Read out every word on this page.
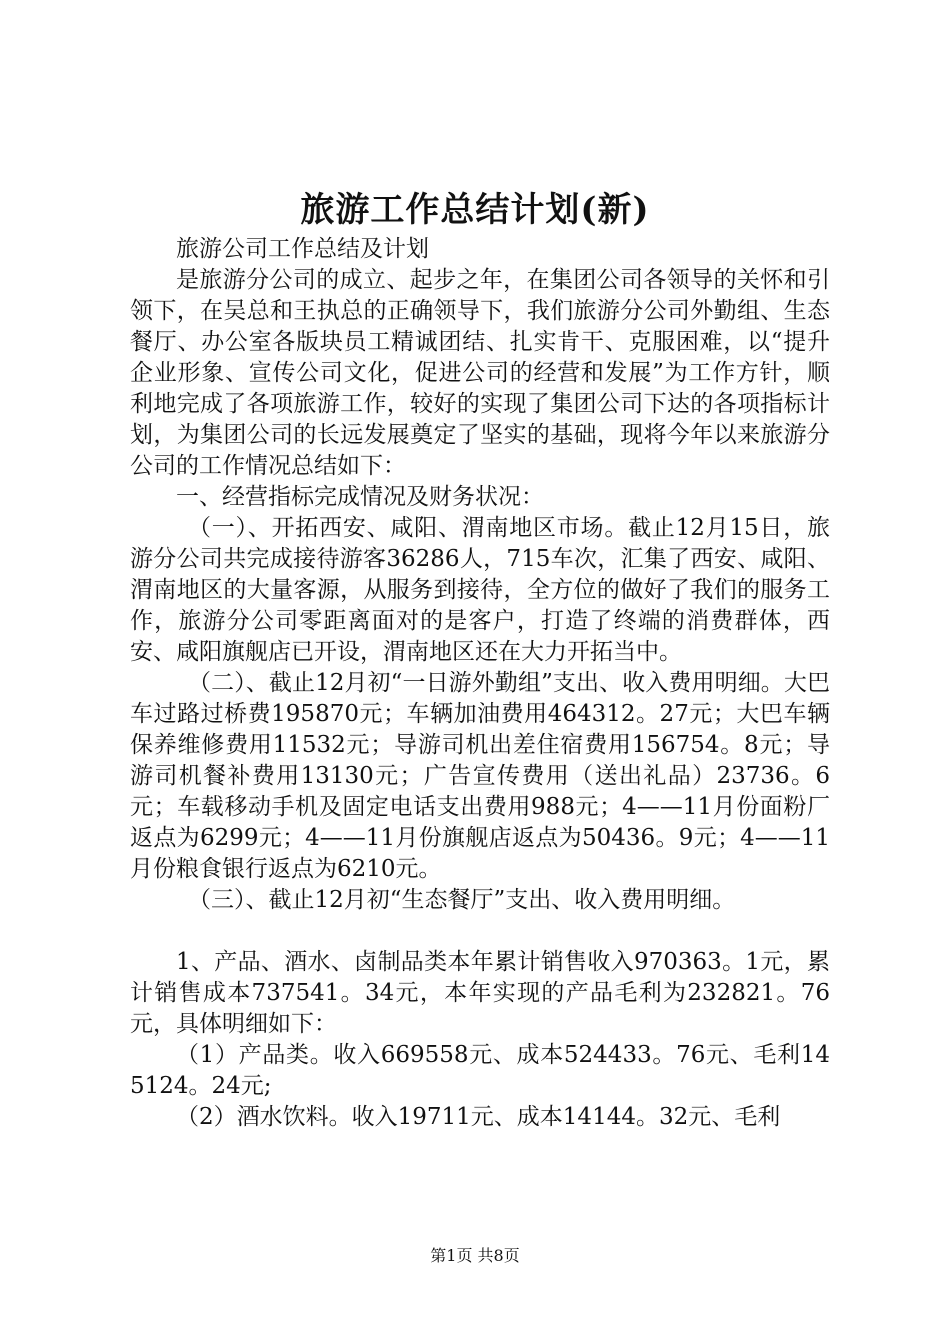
旅游工作总结计划(新)

旅游公司工作总结及计划

是旅游分公司的成立、起步之年，在集团公司各领导的关怀和引领下，在吴总和王执总的正确领导下，我们旅游分公司外勤组、生态餐厅、办公室各版块员工精诚团结、扎实肯干、克服困难，以“提升企业形象、宣传公司文化，促进公司的经营和发展”为工作方针，顺利地完成了各项旅游工作，较好的实现了集团公司下达的各项指标计划，为集团公司的长远发展奠定了坚实的基础，现将今年以来旅游分公司的工作情况总结如下：

一、经营指标完成情况及财务状况：

（一）、开拓西安、咸阳、渭南地区市场。截止12月15日，旅游分公司共完成接待游客36286人，715车次，汇集了西安、咸阳、渭南地区的大量客源，从服务到接待，全方位的做好了我们的服务工作，旅游分公司零距离面对的是客户，打造了终端的消费群体，西安、咸阳旗舰店已开设，渭南地区还在大力开拓当中。

（二）、截止12月初“一日游外勤组”支出、收入费用明细。大巴车过路过桥费195870元；车辆加油费用464312。27元；大巴车辆保养维修费用11532元；导游司机出差住宿费用156754。8元；导游司机餐补费用13130元；广告宣传费用（送出礼品）23736。6元；车载移动手机及固定电话支出费用988元；4——11月份面粉厂返点为6299元；4——11月份旗舰店返点为50436。9元；4——11月份粮食银行返点为6210元。

（三）、截止12月初“生态餐厅”支出、收入费用明细。

1、产品、酒水、卤制品类本年累计销售收入970363。1元，累计销售成本737541。34元，本年实现的产品毛利为232821。76元，具体明细如下：

（1）产品类。收入669558元、成本524433。76元、毛利145124。24元;

（2）酒水饮料。收入19711元、成本14144。32元、毛利

第1页 共8页
